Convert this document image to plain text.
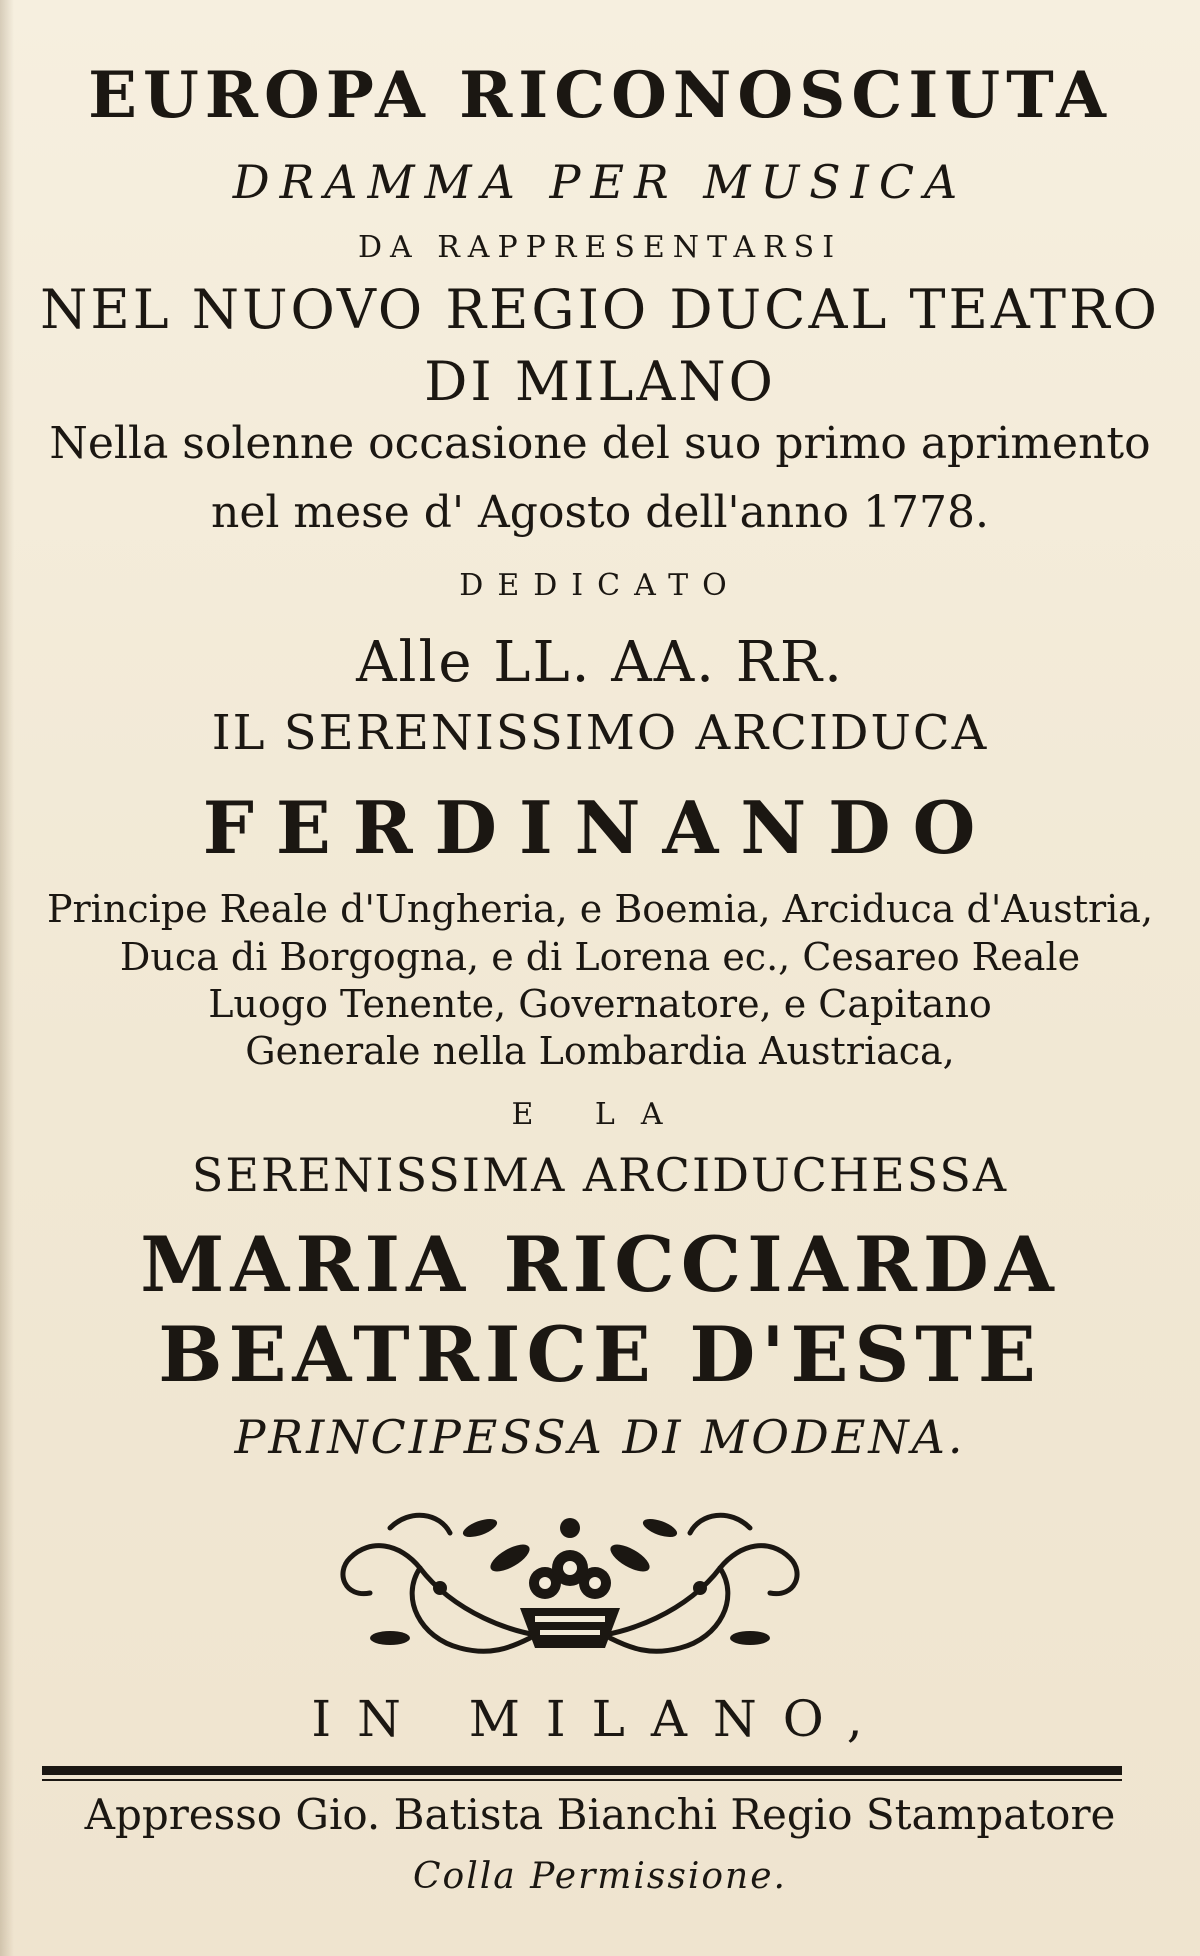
EUROPA RICONOSCIUTA
DRAMMA PER MUSICA
DA RAPPRESENTARSI
NEL NUOVO REGIO DUCAL TEATRO
DI MILANO
Nella solenne occasione del suo primo aprimento
nel mese d' Agosto dell'anno 1778.
DEDICATO
Alle LL. AA. RR.
IL SERENISSIMO ARCIDUCA
FERDINANDO
Principe Reale d'Ungheria, e Boemia, Arciduca d'Austria,
Duca di Borgogna, e di Lorena ec., Cesareo Reale
Luogo Tenente, Governatore, e Capitano
Generale nella Lombardia Austriaca,
E LA
SERENISSIMA ARCIDUCHESSA
MARIA RICCIARDA
BEATRICE D'ESTE
PRINCIPESSA DI MODENA.
IN MILANO,
Appresso Gio. Batista Bianchi Regio Stampatore
Colla Permissione.
